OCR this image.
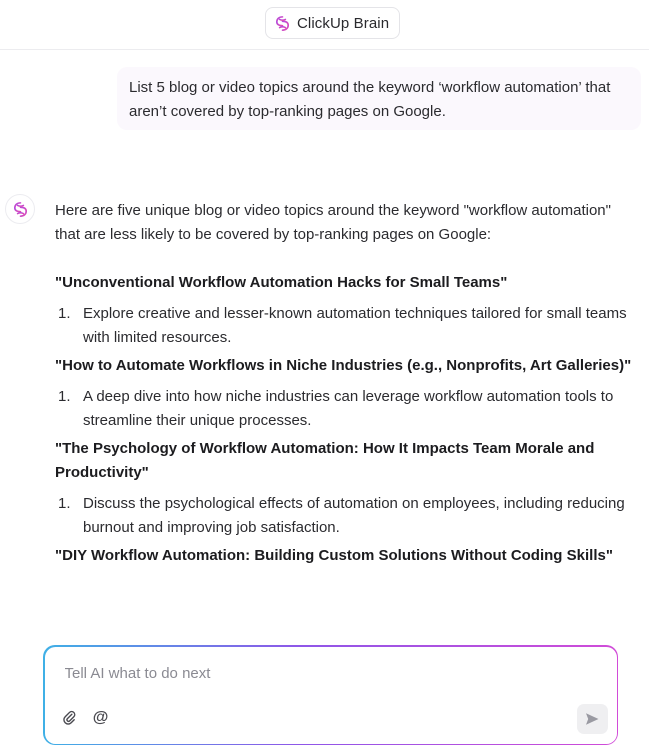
ClickUp Brain
List 5 blog or video topics around the keyword ‘workflow automation’ that aren’t covered by top-ranking pages on Google.

Here are five unique blog or video topics around the keyword "workflow automation" that are less likely to be covered by top-ranking pages on Google:

"Unconventional Workflow Automation Hacks for Small Teams"

1. Explore creative and lesser-known automation techniques tailored for small teams with limited resources.

"How to Automate Workflows in Niche Industries (e.g., Nonprofits, Art Galleries)"

1. A deep dive into how niche industries can leverage workflow automation tools to streamline their unique processes.

"The Psychology of Workflow Automation: How It Impacts Team Morale and Productivity"

1. Discuss the psychological effects of automation on employees, including reducing burnout and improving job satisfaction.

"DIY Workflow Automation: Building Custom Solutions Without Coding Skills"

Tell AI what to do next
@
